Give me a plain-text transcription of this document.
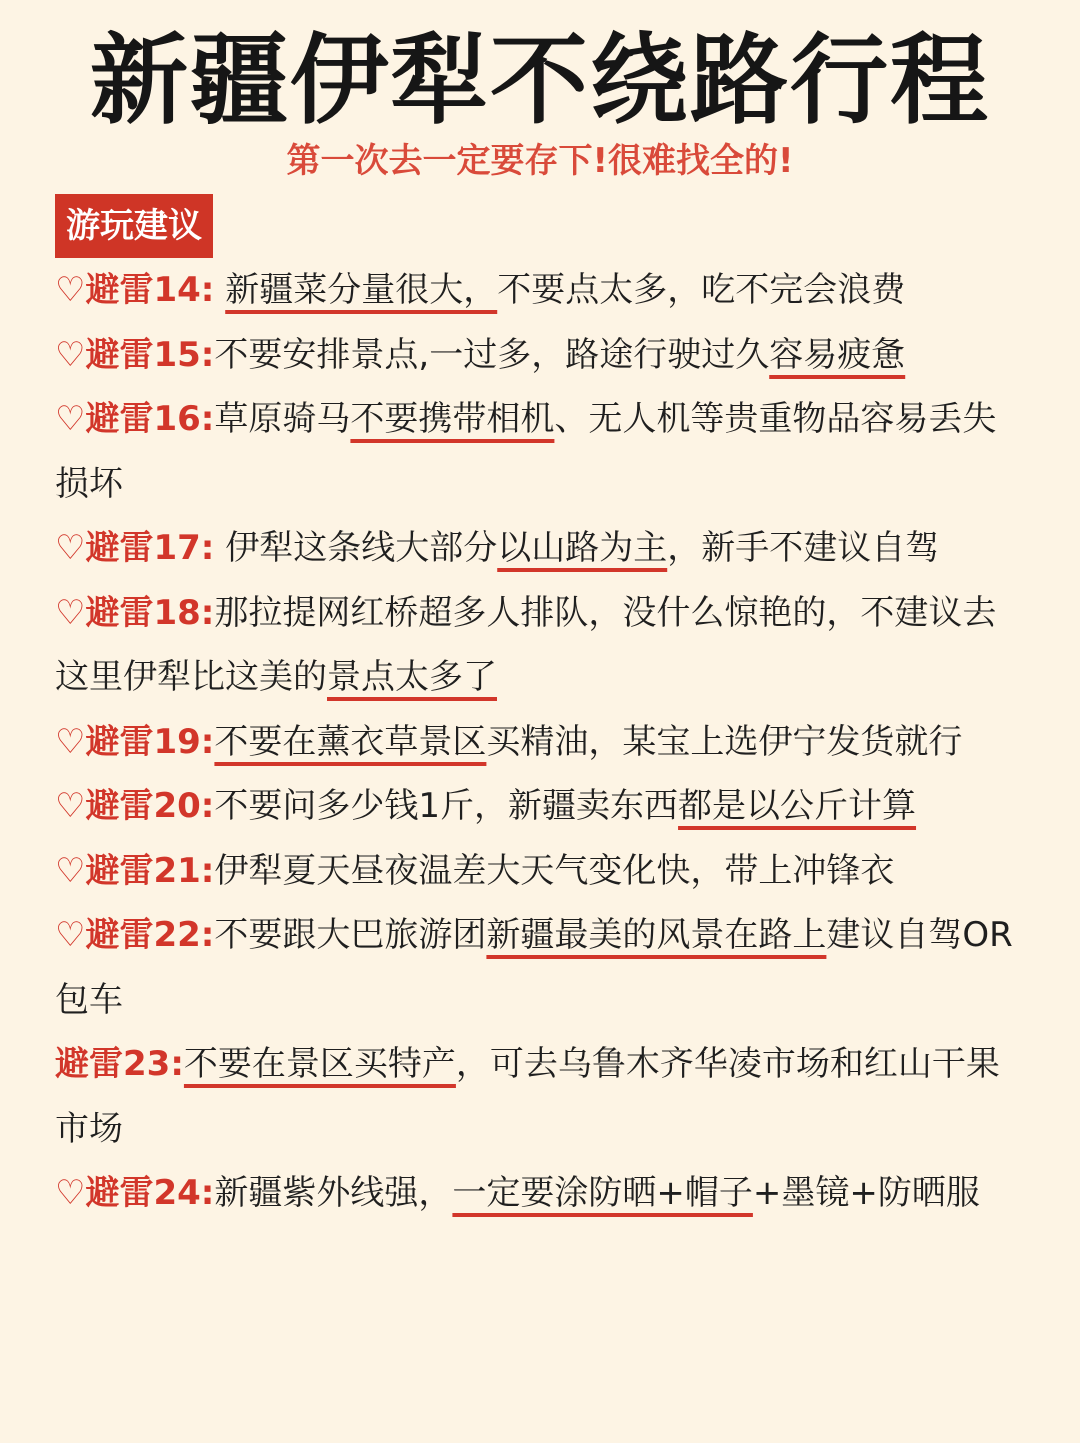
新疆伊犁不绕路行程
第一次去一定要存下!很难找全的!
游玩建议

♡避雷14: 新疆菜分量很大，不要点太多，吃不完会浪费

♡避雷15:不要安排景点,一过多，路途行驶过久容易疲惫

♡避雷16:草原骑马不要携带相机、无人机等贵重物品容易丢失损坏

♡避雷17: 伊犁这条线大部分以山路为主，新手不建议自驾

♡避雷18:那拉提网红桥超多人排队，没什么惊艳的，不建议去这里伊犁比这美的景点太多了

♡避雷19:不要在薰衣草景区买精油，某宝上选伊宁发货就行

♡避雷20:不要问多少钱1斤，新疆卖东西都是以公斤计算

♡避雷21:伊犁夏天昼夜温差大天气变化快，带上冲锋衣

♡避雷22:不要跟大巴旅游团新疆最美的风景在路上建议自驾OR包车

避雷23:不要在景区买特产，可去乌鲁木齐华凌市场和红山干果市场

♡避雷24:新疆紫外线强，一定要涂防晒+帽子+墨镜+防晒服
